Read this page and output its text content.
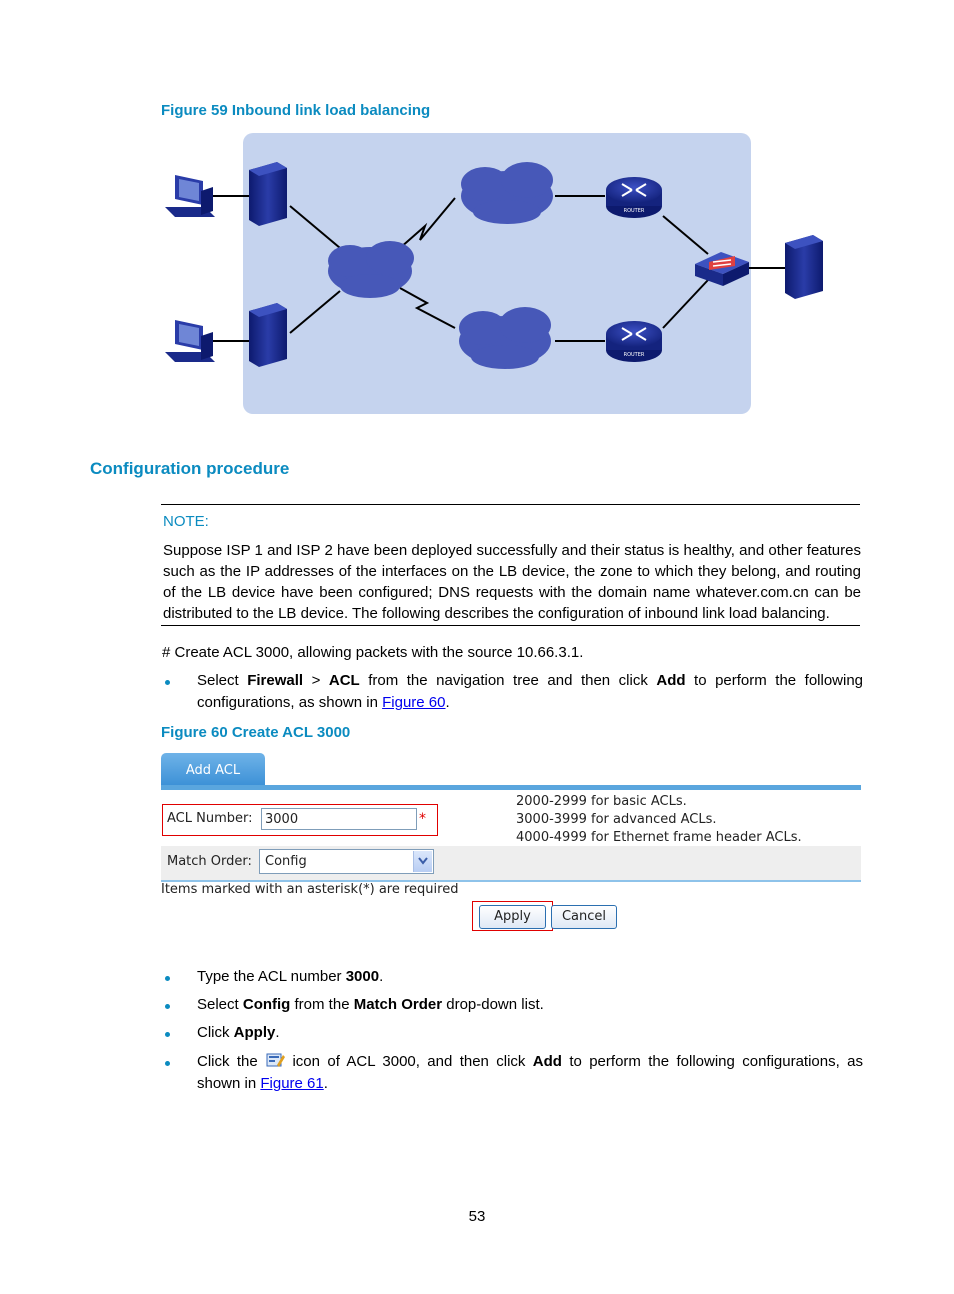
Figure 59 Inbound link load balancing
ROUTER
ROUTER
Configuration procedure
NOTE:
Suppose ISP 1 and ISP 2 have been deployed successfully and their status is healthy, and other features such as the IP addresses of the interfaces on the LB device, the zone to which they belong, and routing of the LB device have been configured; DNS requests with the domain name whatever.com.cn can be distributed to the LB device. The following describes the configuration of inbound link load balancing.
# Create ACL 3000, allowing packets with the source 10.66.3.1.
Select Firewall > ACL from the navigation tree and then click Add to perform the following
configurations, as shown in Figure 60.
Figure 60 Create ACL 3000
Add ACL
ACL Number: 3000	*
2000-2999 for basic ACLs.
3000-3999 for advanced ACLs.
4000-4999 for Ethernet frame header ACLs.
Match Order:	Config
Items marked with an asterisk(*) are required
Apply	Cancel
Type the ACL number 3000.
Select Config from the Match Order drop-down list.
Click Apply.
Click the  icon of ACL 3000, and then click Add to perform the following configurations, as
shown in Figure 61.
53
